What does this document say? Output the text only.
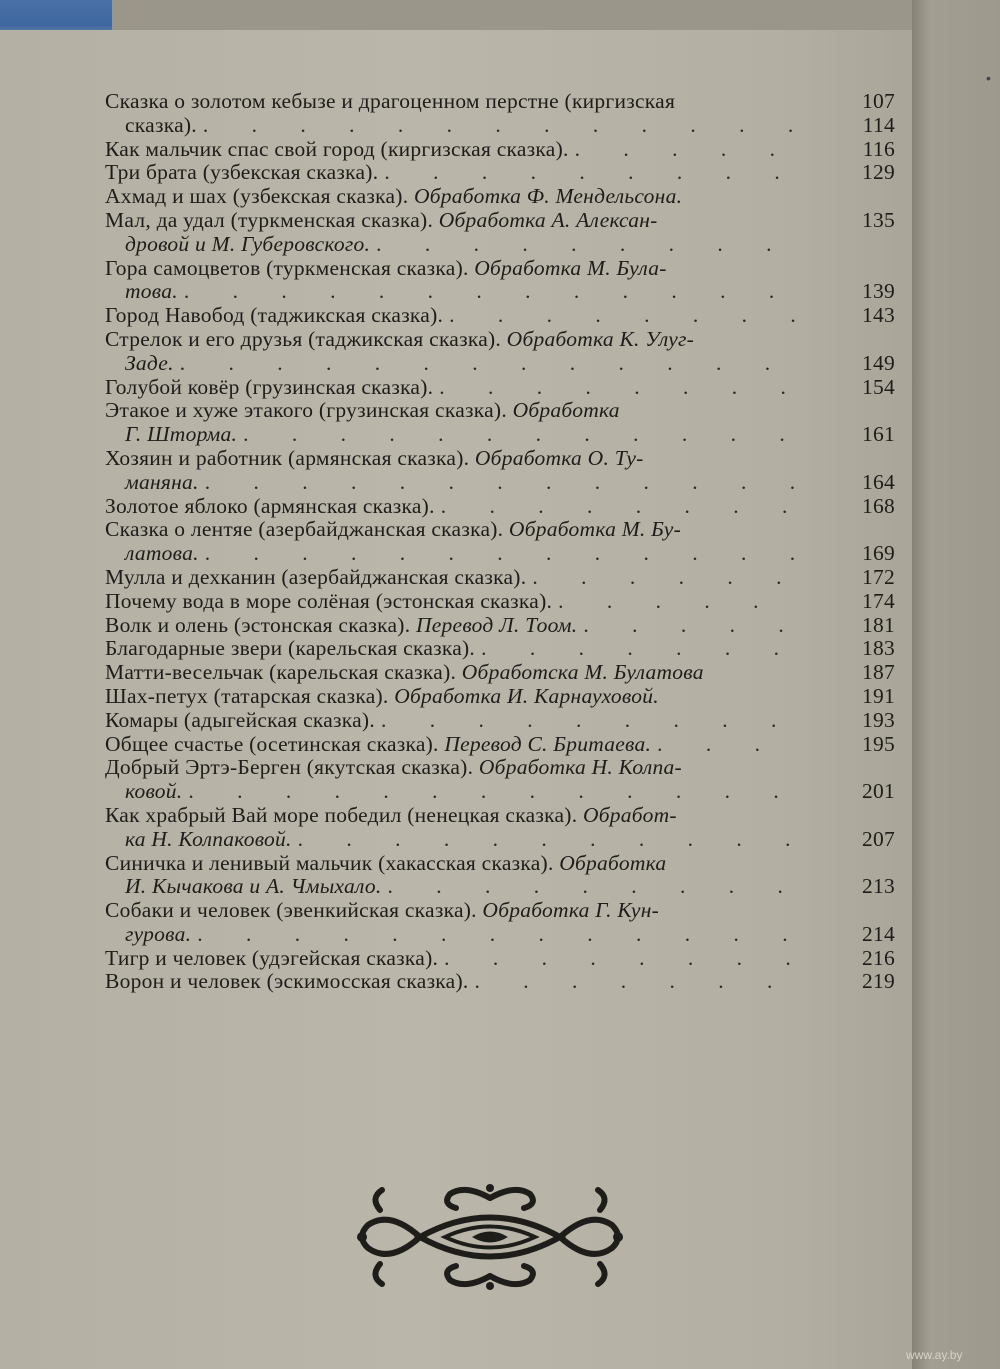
•
Сказка о золотом кебызе и драгоценном перстне (киргизская	107
сказка). . . .	114
Как мальчик спас свой город (киргизская сказка). . . .	116
Три брата (узбекская сказка). . . .	129
Ахмад и шах (узбекская сказка). Обработка Ф. Мендельсона.
Мал, да удал (туркменская сказка). Обработка А. Алексан-	135
дровой и М. Губеровского.
. . .
Гора самоцветов (туркменская сказка). Обработка М. Була-
това. . . .	139
Город Навобод (таджикская сказка). . . .	143
Стрелок и его друзья (таджикская сказка). Обработка К. Улуг-
Заде. . . .	149
Голубой ковёр (грузинская сказка). . . .	154
Этакое и хуже этакого (грузинская сказка). Обработка
Г. Шторма. . . .	161
Хозяин и работник (армянская сказка). Обработка О. Ту-
маняна. . . .	164
Золотое яблоко (армянская сказка). . . .	168
Сказка о лентяе (азербайджанская сказка). Обработка М. Бу-
латова. . . .	169
Мулла и дехканин (азербайджанская сказка). . . .	172
Почему вода в море солёная (эстонская сказка). . . .	174
Волк и олень (эстонская сказка). Перевод Л. Тоом. . . .	181
Благодарные звери (карельская сказка). . . .	183
Матти-весельчак (карельская сказка). Обработска М. Булатова	187
Шах-петух (татарская сказка). Обработка И. Карнауховой.	191
Комары (адыгейская сказка). . . .	193
Общее счастье (осетинская сказка). Перевод С. Бритаева. . . .	195
Добрый Эртэ-Берген (якутская сказка). Обработка Н. Колпа-
ковой. . . .	201
Как храбрый Вай море победил (ненецкая сказка). Обработ-
ка Н. Колпаковой. . . .	207
Синичка и ленивый мальчик (хакасская сказка). Обработка
И. Кычакова и А. Чмыхало. . . .	213
Собаки и человек (эвенкийская сказка). Обработка Г. Кун-
гурова. . . .	214
Тигр и человек (удэгейская сказка). . . .	216
Ворон и человек (эскимосская сказка). . . .	219
www.ay.by
